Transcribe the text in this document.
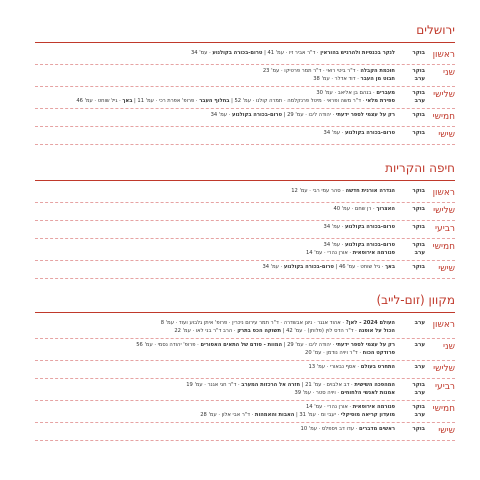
ירושלים
ראשון
בוקר
לנקר בכנסיות ולהרגיש בהוראין · ד"ר אביר זיו · עמ' 41 | טרום-בכורה בקולנוע · עמ' 34
שני
בוקר
ערב
חוכמת הקבלה · ד"ר ביטי רואי · ד"ר תמר פרטיקו · עמ' 23
חבוט מן העבר · דוד אדלר · עמ' 38
שלישי
בוקר
ערב
מעברים · בנהם בן אליאב · עמ' 30
ספירת מלאי · ד"ר משה ופראי · מיטל פרנקלמה · תמרה קולנו · עמ' 52 | בחלוף העבר · פרופ' אפרת רכי · עמ' 11 | באך · גיל שוחט · עמ' 46
חמישי
בוקר
רק על עצמי לספר ידעתי · יהודה ליבו · עמ' 29 | טרום-בכורה בקולנוע · עמ' 34
שישי
בוקר
טרום-בכורה בקולנוע · עמ' 34
חיפה והקריות
ראשון
בוקר
הגדרה אורנית חדשה · סהר עמי רבי · עמ' 12
שלישי
בוקר
האצרוך · רן שחם · עמ' 40
רביעי
בוקר
טרום-בכורה בקולנוע · עמ' 34
חמישי
בוקר
ערב
טרום-בכורה בקולנוע · עמ' 34
פנורמה אירופאית · אורן נהרי · עמ' 14
שישי
בוקר
באך · גיל שוחט · עמ' 46 | טרום-בכורה בקולנוע · עמ' 34
מקוון (זום-לייב)
ראשון
ערב
העולם 2024 - לאן? · אהוד אגגר · ניצן אבשדרה · ד"ר תמר עירום ניכרין · פרופ' איתן גלבוע ועוד · עמ' 8
הכול על אופנה · ד"ר הדס לוין (פלוחן) · עמ' 42 | תשוקה הכפ בתרק · הרב ד"ר בני לאו · עמ' 22
שני
ערב
רק על עצמי לספר ידעתי · יהודה ליבו · עמ' 29 | המוות - סודם של התאים האסורים · פרופ' יהודה נסמי · עמ' 56
פרודקט הכוח · ד"ר ויויה נודמן · עמ' 20
שלישי
ערב
התחרט בעולם · אסף נבאורי · עמ' 13
רביעי
בוקר
ערב
המהפכה השישית · דב אלבוים · עמ' 21 | חזרה אל הרכזות המערב · ד"ר חגי אגנר · עמ' 19
אמנות לאנשי הלחוחים · ויויה סטר · עמ' 39
חמישי
בוקר
ערב
פנורמה אירופאית · אורן נהרי · עמ' 14
מועדון קריאה מוסיקלי · יעבי ומ · עמ' 31 | האבות והאמהות · ד"ר אבי אלון · עמ' 28
שישי
בוקר
ראשים מדברים · עדו דב ויספלס · עמ' 10
